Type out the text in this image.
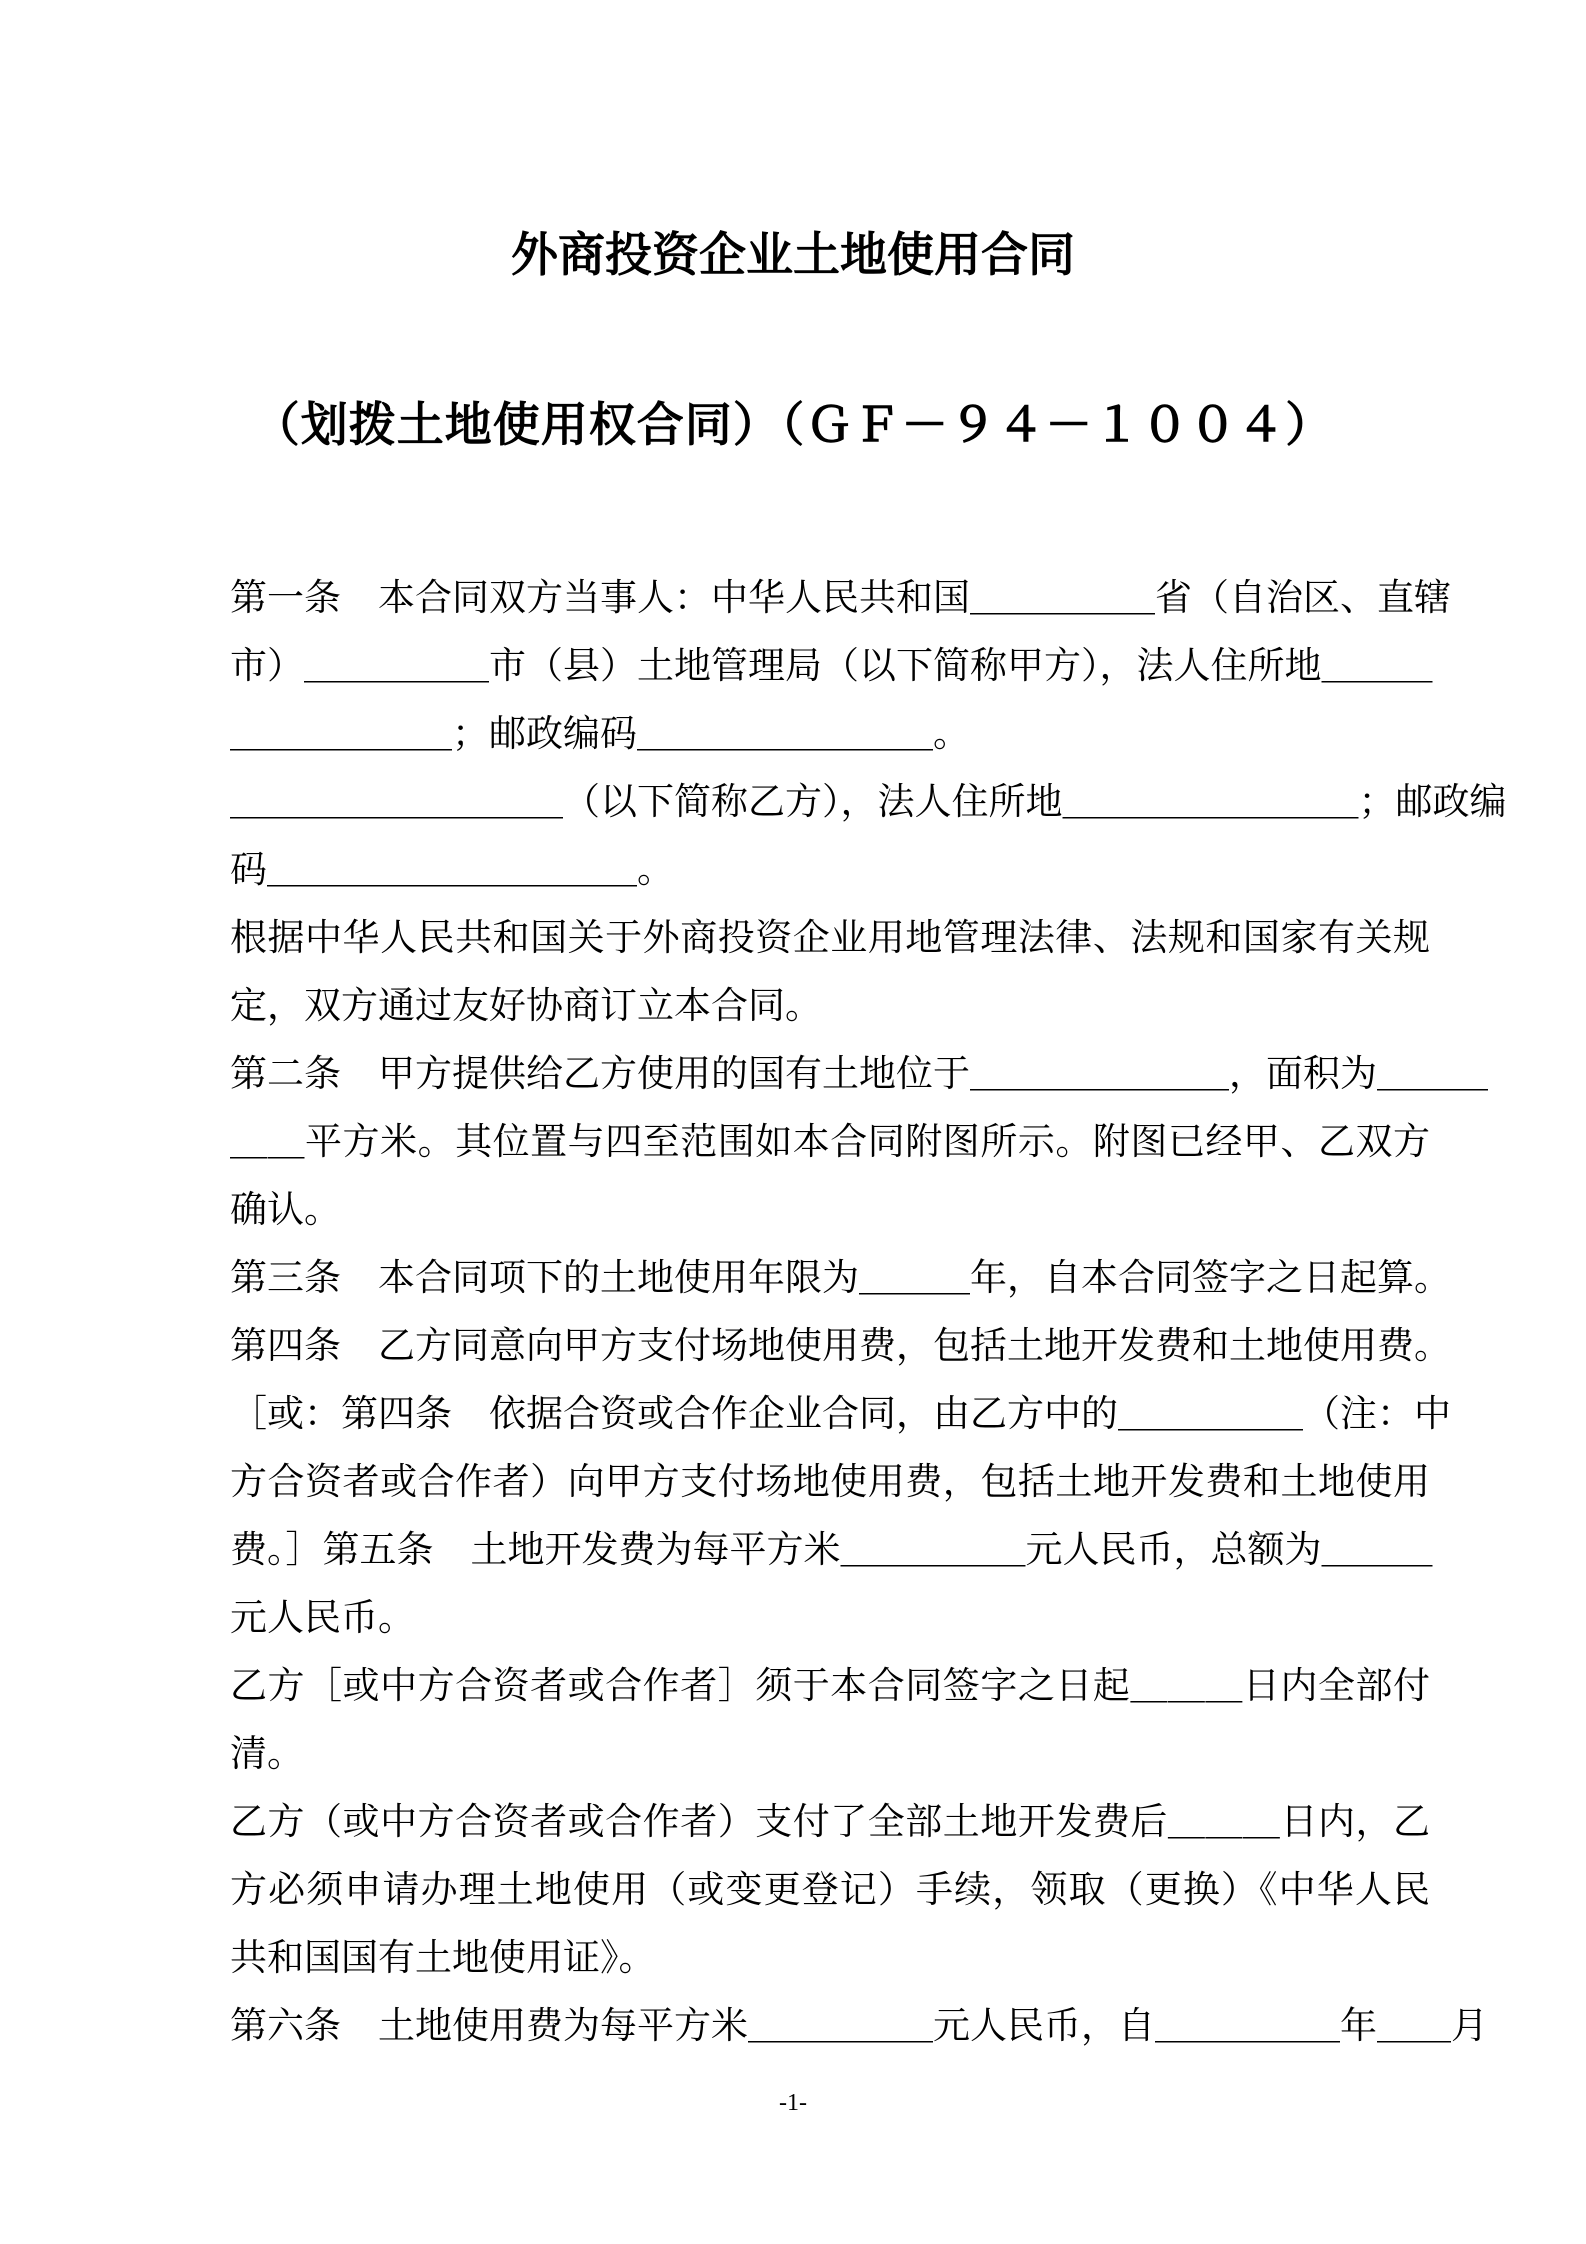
外商投资企业土地使用合同
（划拨土地使用权合同）（ＧＦ－９４－１００４）
第一条　本合同双方当事人：中华人民共和国＿＿＿＿＿省（自治区、直辖
市）＿＿＿＿＿市（县）土地管理局（以下简称甲方），法人住所地＿＿＿
＿＿＿＿＿＿；邮政编码＿＿＿＿＿＿＿＿。
＿＿＿＿＿＿＿＿＿（以下简称乙方），法人住所地＿＿＿＿＿＿＿＿；邮政编
码＿＿＿＿＿＿＿＿＿＿。
根据中华人民共和国关于外商投资企业用地管理法律、法规和国家有关规
定，双方通过友好协商订立本合同。
第二条　甲方提供给乙方使用的国有土地位于＿＿＿＿＿＿＿，面积为＿＿＿
＿＿平方米。其位置与四至范围如本合同附图所示。附图已经甲、乙双方
确认。
第三条　本合同项下的土地使用年限为＿＿＿年，自本合同签字之日起算。
第四条　乙方同意向甲方支付场地使用费，包括土地开发费和土地使用费。
［或：第四条　依据合资或合作企业合同，由乙方中的＿＿＿＿＿（注：中
方合资者或合作者）向甲方支付场地使用费，包括土地开发费和土地使用
费。］第五条　土地开发费为每平方米＿＿＿＿＿元人民币，总额为＿＿＿
元人民币。
乙方［或中方合资者或合作者］须于本合同签字之日起＿＿＿日内全部付
清。
乙方（或中方合资者或合作者）支付了全部土地开发费后＿＿＿日内，乙
方必须申请办理土地使用（或变更登记）手续，领取（更换）《中华人民
共和国国有土地使用证》。
第六条　土地使用费为每平方米＿＿＿＿＿元人民币，自＿＿＿＿＿年＿＿月
-1-
